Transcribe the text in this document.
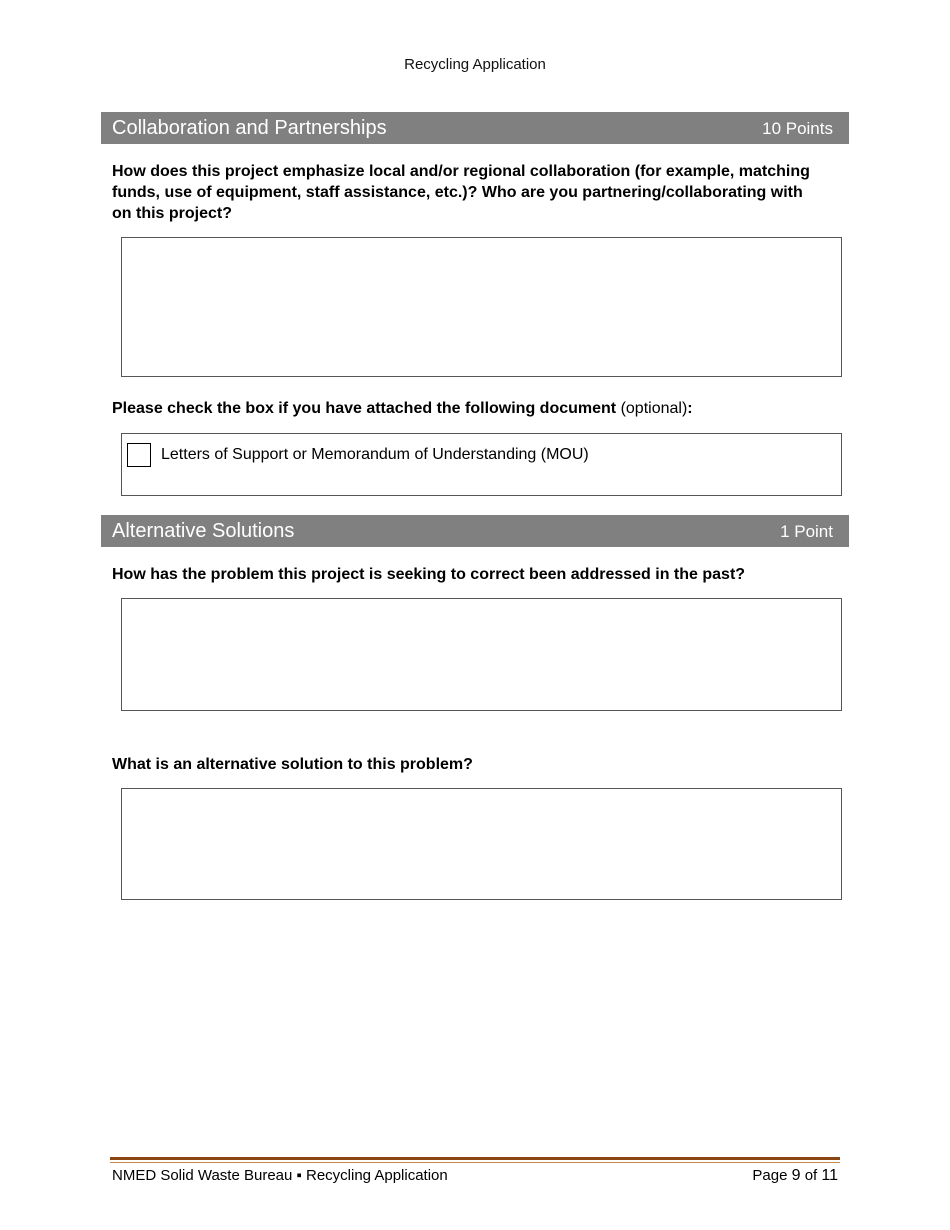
Recycling Application
Collaboration and Partnerships	10 Points
How does this project emphasize local and/or regional collaboration (for example, matching funds, use of equipment, staff assistance, etc.)? Who are you partnering/collaborating with on this project?
Please check the box if you have attached the following document (optional):
Letters of Support or Memorandum of Understanding (MOU)
Alternative Solutions	1 Point
How has the problem this project is seeking to correct been addressed in the past?
What is an alternative solution to this problem?
NMED Solid Waste Bureau ▪ Recycling Application	Page 9 of 11
